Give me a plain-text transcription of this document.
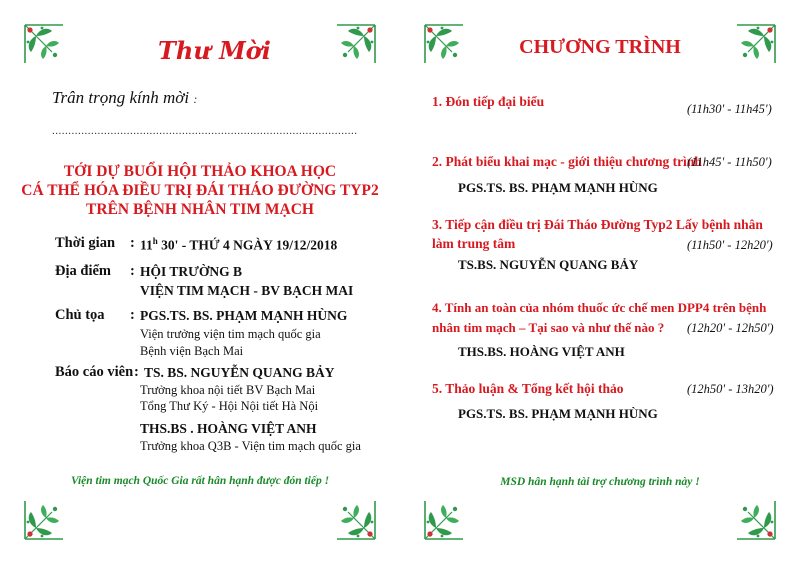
Thư Mời
Trân trọng kính mời :
..............................................................................................
TỚI DỰ BUỔI HỘI THẢO KHOA HỌC
CÁ THỂ HÓA ĐIỀU TRỊ ĐÁI THÁO ĐƯỜNG TYP2
TRÊN BỆNH NHÂN TIM MẠCH
Thời gian : 11$^h$ 30' - THỨ 4 NGÀY 19/12/2018
Địa điểm : HỘI TRƯỜNG B
VIỆN TIM MẠCH - BV BẠCH MAI
Chủ tọa : PGS.TS. BS. PHẠM MẠNH HÙNG
Viện trưởng viện tim mạch quốc gia
Bệnh viện Bạch Mai
Báo cáo viên : TS. BS. NGUYỄN QUANG BẢY
Trưởng khoa nội tiết BV Bạch Mai
Tổng Thư Ký - Hội Nội tiết Hà Nội
THS.BS . HOÀNG VIỆT ANH
Trưởng khoa Q3B - Viện tim mạch quốc gia
Viện tim mạch Quốc Gia rất hân hạnh được đón tiếp !
CHƯƠNG TRÌNH
1. Đón tiếp đại biểu	(11h30' - 11h45')
2. Phát biểu khai mạc - giới thiệu chương trình
(11h45' - 11h50')
PGS.TS. BS. PHẠM MẠNH HÙNG
3. Tiếp cận điều trị Đái Tháo Đường Typ2 Lấy bệnh nhân
làm trung tâm	(11h50' - 12h20')
TS.BS. NGUYỄN QUANG BẢY
4. Tính an toàn của nhóm thuốc ức chế men DPP4 trên bệnh
nhân tim mạch – Tại sao và như thế nào ? (12h20' - 12h50')
THS.BS. HOÀNG VIỆT ANH
5. Thảo luận & Tổng kết hội thảo	(12h50' - 13h20')
PGS.TS. BS. PHẠM MẠNH HÙNG
MSD hân hạnh tài trợ chương trình này !
